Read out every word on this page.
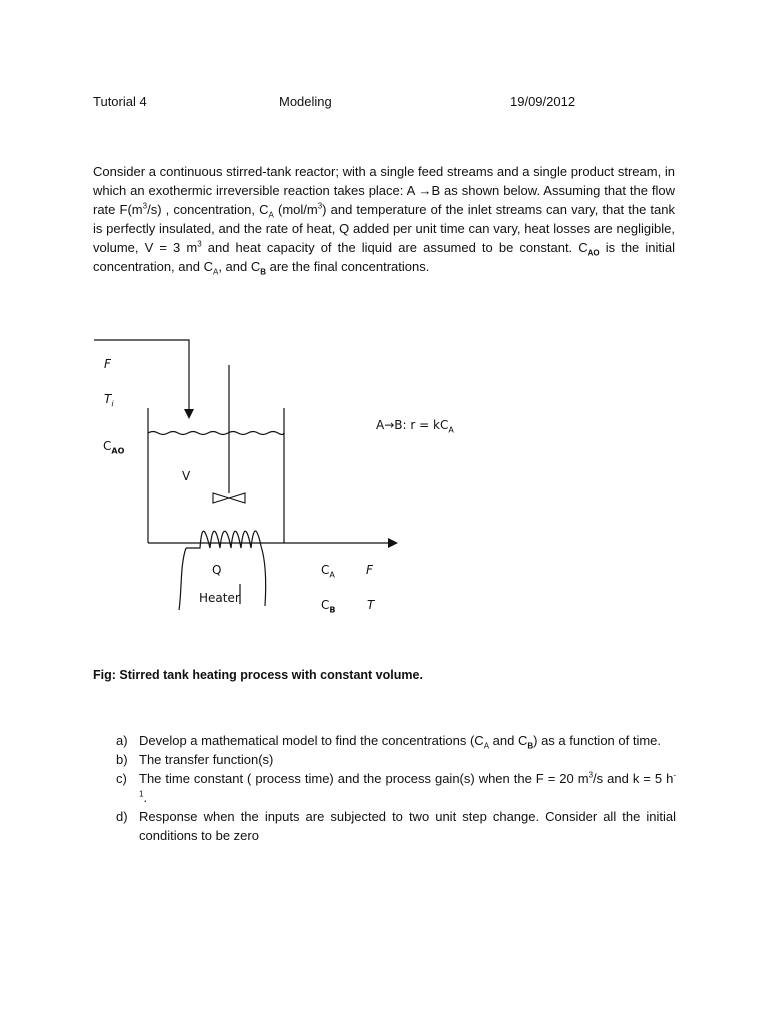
Tutorial 4	Modeling	19/09/2012
Consider a continuous stirred-tank reactor; with a single feed streams and a single product stream, in which an exothermic irreversible reaction takes place: A →B as shown below. Assuming that the flow rate $F(m^3/s)$ , concentration, $C_A$ $(mol/m^3)$ and temperature of the inlet streams can vary, that the tank is perfectly insulated, and the rate of heat, Q added per unit time can vary, heat losses are negligible, volume, V = 3 $m^3$ and heat capacity of the liquid are assumed to be constant. $C_{AO}$ is the initial concentration, and $C_A$, and $C_B$ are the final concentrations.
F
$T_i$
$C_{AO}$
V
A→B: $r = kC_A$
Q
Heater
$C_A$	F
$C_B$	T
Fig: Stirred tank heating process with constant volume.
a) Develop a mathematical model to find the concentrations ($C_A$ and $C_B$) as a function of time.
b) The transfer function(s)
c) The time constant ( process time) and the process gain(s) when the F = 20 $m^3/s$ and k = 5 $h^{-1}$.
d) Response when the inputs are subjected to two unit step change. Consider all the initial conditions to be zero
